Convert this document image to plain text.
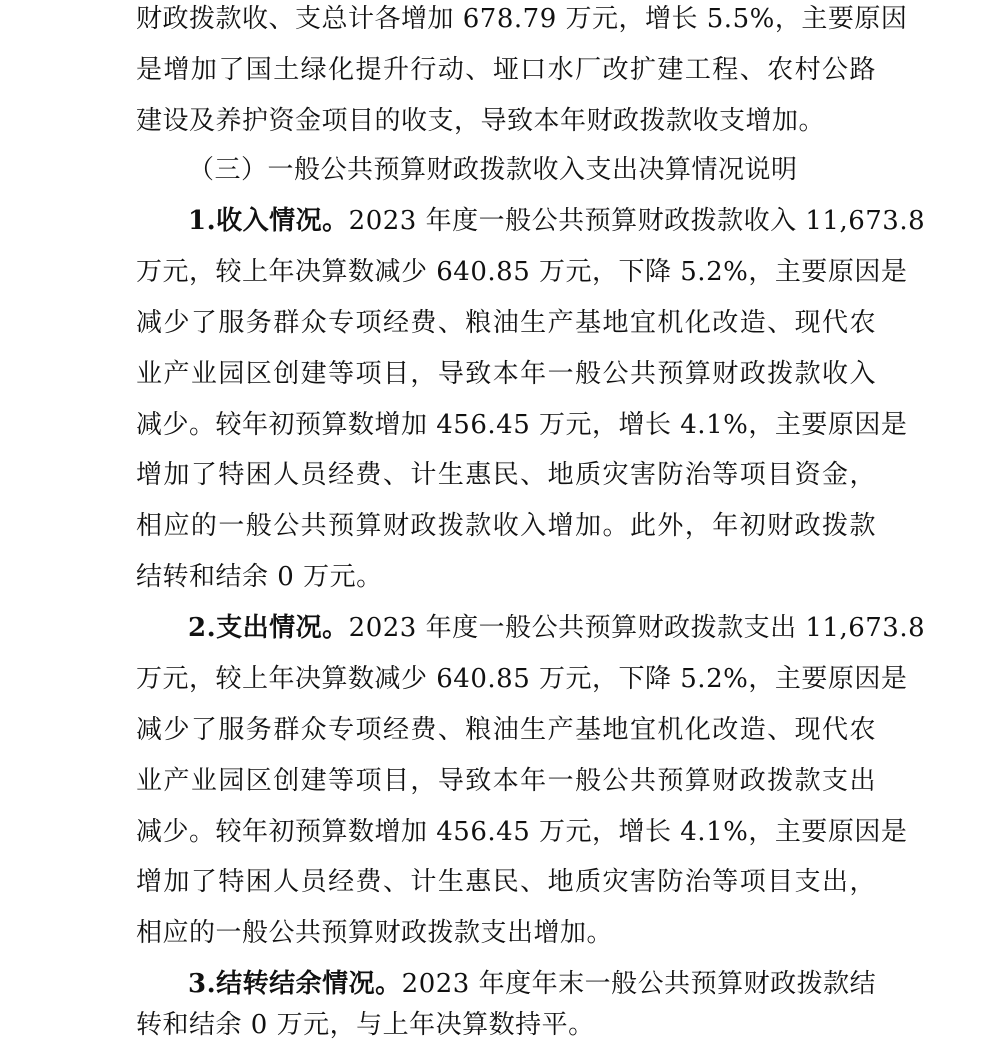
财政拨款收、支总计各增加 678.79 万元，增长 5.5%，主要原因
是增加了国土绿化提升行动、垭口水厂改扩建工程、农村公路
建设及养护资金项目的收支，导致本年财政拨款收支增加。
（三）一般公共预算财政拨款收入支出决算情况说明
1.收入情况。2023 年度一般公共预算财政拨款收入 11,673.8
万元，较上年决算数减少 640.85 万元，下降 5.2%，主要原因是
减少了服务群众专项经费、粮油生产基地宜机化改造、现代农
业产业园区创建等项目，导致本年一般公共预算财政拨款收入
减少。较年初预算数增加 456.45 万元，增长 4.1%，主要原因是
增加了特困人员经费、计生惠民、地质灾害防治等项目资金，
相应的一般公共预算财政拨款收入增加。此外，年初财政拨款
结转和结余 0 万元。
2.支出情况。2023 年度一般公共预算财政拨款支出 11,673.8
万元，较上年决算数减少 640.85 万元，下降 5.2%，主要原因是
减少了服务群众专项经费、粮油生产基地宜机化改造、现代农
业产业园区创建等项目，导致本年一般公共预算财政拨款支出
减少。较年初预算数增加 456.45 万元，增长 4.1%，主要原因是
增加了特困人员经费、计生惠民、地质灾害防治等项目支出，
相应的一般公共预算财政拨款支出增加。
3.结转结余情况。2023 年度年末一般公共预算财政拨款结
转和结余 0 万元，与上年决算数持平。
